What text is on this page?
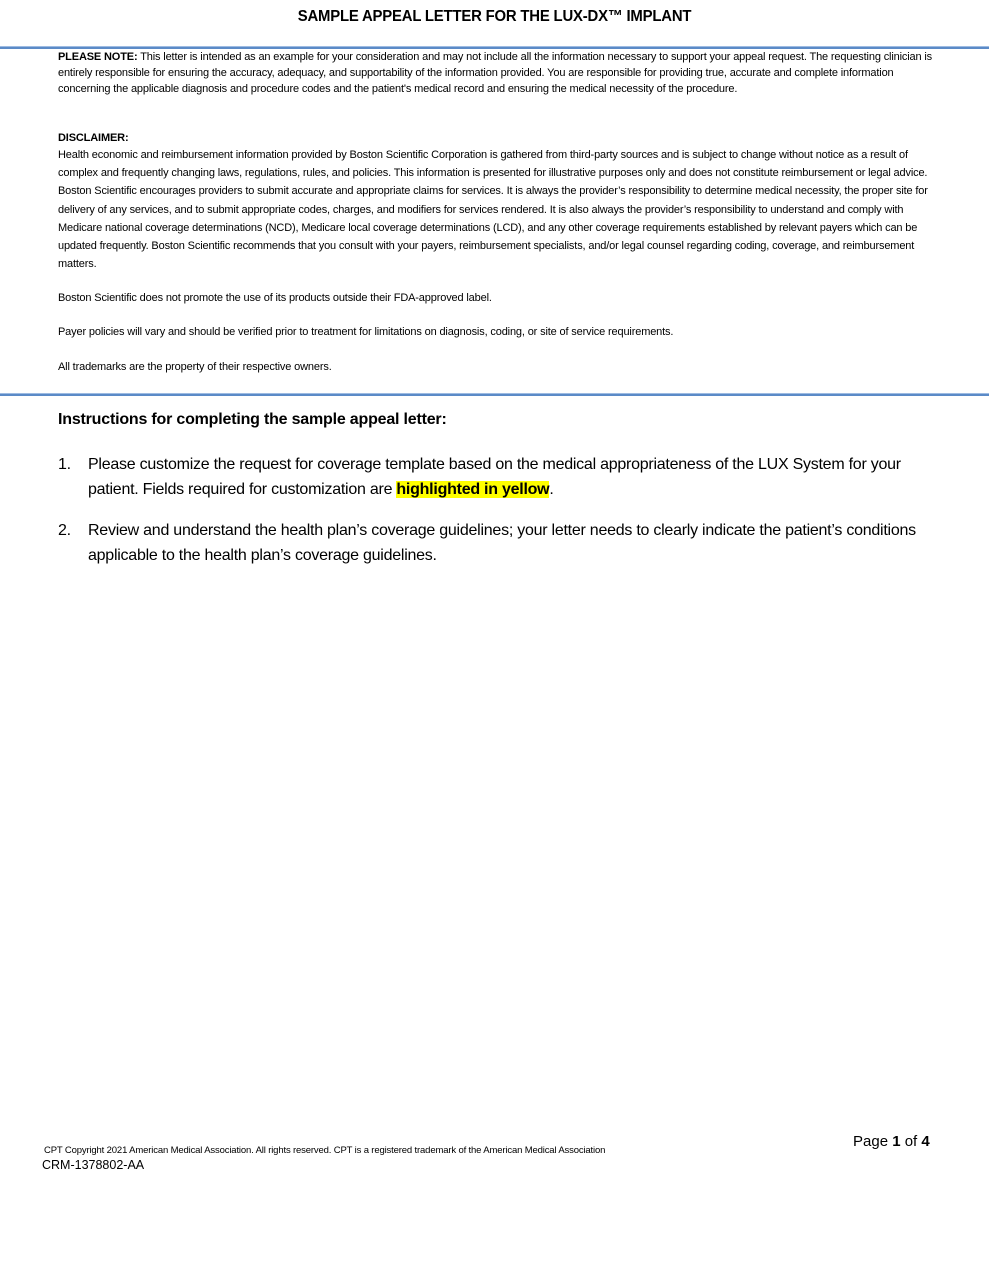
SAMPLE APPEAL LETTER FOR THE LUX-DX™ IMPLANT
PLEASE NOTE: This letter is intended as an example for your consideration and may not include all the information necessary to support your appeal request. The requesting clinician is entirely responsible for ensuring the accuracy, adequacy, and supportability of the information provided. You are responsible for providing true, accurate and complete information concerning the applicable diagnosis and procedure codes and the patient's medical record and ensuring the medical necessity of the procedure.
DISCLAIMER:
Health economic and reimbursement information provided by Boston Scientific Corporation is gathered from third-party sources and is subject to change without notice as a result of complex and frequently changing laws, regulations, rules, and policies. This information is presented for illustrative purposes only and does not constitute reimbursement or legal advice. Boston Scientific encourages providers to submit accurate and appropriate claims for services. It is always the provider’s responsibility to determine medical necessity, the proper site for delivery of any services, and to submit appropriate codes, charges, and modifiers for services rendered. It is also always the provider’s responsibility to understand and comply with Medicare national coverage determinations (NCD), Medicare local coverage determinations (LCD), and any other coverage requirements established by relevant payers which can be updated frequently. Boston Scientific recommends that you consult with your payers, reimbursement specialists, and/or legal counsel regarding coding, coverage, and reimbursement matters.
Boston Scientific does not promote the use of its products outside their FDA-approved label.
Payer policies will vary and should be verified prior to treatment for limitations on diagnosis, coding, or site of service requirements.
All trademarks are the property of their respective owners.
Instructions for completing the sample appeal letter:
1.	Please customize the request for coverage template based on the medical appropriateness of the LUX System for your patient. Fields required for customization are highlighted in yellow.
2.	Review and understand the health plan’s coverage guidelines; your letter needs to clearly indicate the patient’s conditions applicable to the health plan’s coverage guidelines.
CPT Copyright 2021 American Medical Association. All rights reserved. CPT is a registered trademark of the American Medical Association
CRM-1378802-AA
Page 1 of 4
